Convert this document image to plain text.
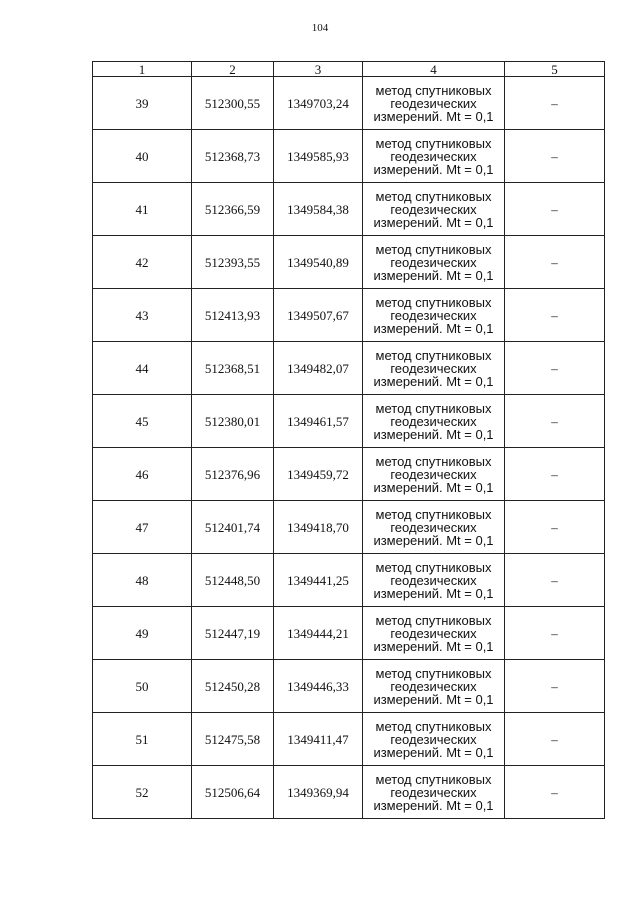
104
1	2	3	4	5
39	512300,55	1349703,24	метод спутниковых
геодезических
измерений. Mt = 0,1	–
40	512368,73	1349585,93	метод спутниковых
геодезических
измерений. Mt = 0,1	–
41	512366,59	1349584,38	метод спутниковых
геодезических
измерений. Mt = 0,1	–
42	512393,55	1349540,89	метод спутниковых
геодезических
измерений. Mt = 0,1	–
43	512413,93	1349507,67	метод спутниковых
геодезических
измерений. Mt = 0,1	–
44	512368,51	1349482,07	метод спутниковых
геодезических
измерений. Mt = 0,1	–
45	512380,01	1349461,57	метод спутниковых
геодезических
измерений. Mt = 0,1	–
46	512376,96	1349459,72	метод спутниковых
геодезических
измерений. Mt = 0,1	–
47	512401,74	1349418,70	метод спутниковых
геодезических
измерений. Mt = 0,1	–
48	512448,50	1349441,25	метод спутниковых
геодезических
измерений. Mt = 0,1	–
49	512447,19	1349444,21	метод спутниковых
геодезических
измерений. Mt = 0,1	–
50	512450,28	1349446,33	метод спутниковых
геодезических
измерений. Mt = 0,1	–
51	512475,58	1349411,47	метод спутниковых
геодезических
измерений. Mt = 0,1	–
52	512506,64	1349369,94	метод спутниковых
геодезических
измерений. Mt = 0,1	–
